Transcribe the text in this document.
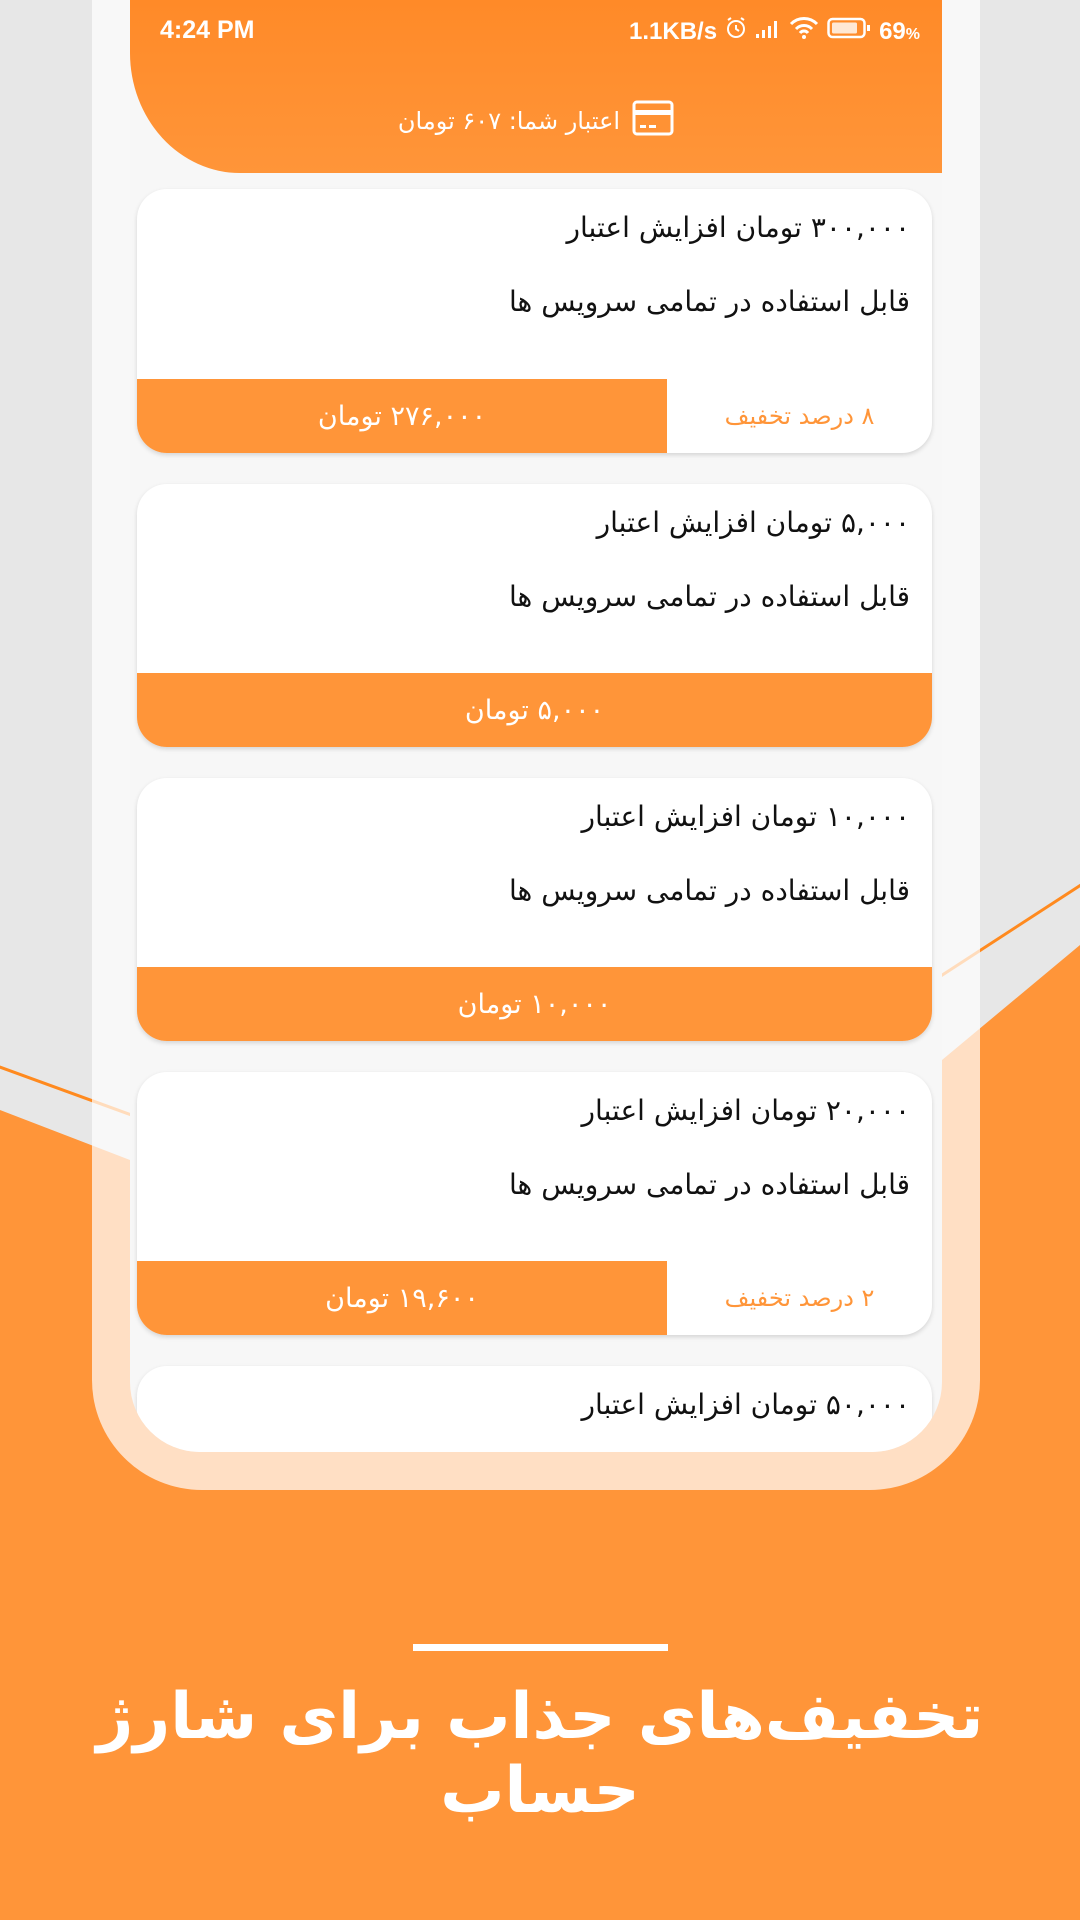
4:24 PM	1.1KB/s	69%
اعتبار شما: ۶۰۷ تومان
۳۰۰,۰۰۰ تومان افزایش اعتبار
قابل استفاده در تمامی سرویس ها
۲۷۶,۰۰۰ تومان	۸ درصد تخفیف
۵,۰۰۰ تومان افزایش اعتبار
قابل استفاده در تمامی سرویس ها
۵,۰۰۰ تومان
۱۰,۰۰۰ تومان افزایش اعتبار
قابل استفاده در تمامی سرویس ها
۱۰,۰۰۰ تومان
۲۰,۰۰۰ تومان افزایش اعتبار
قابل استفاده در تمامی سرویس ها
۱۹,۶۰۰ تومان	۲ درصد تخفیف
۵۰,۰۰۰ تومان افزایش اعتبار
تخفیف‌های جذاب برای شارژ حساب
